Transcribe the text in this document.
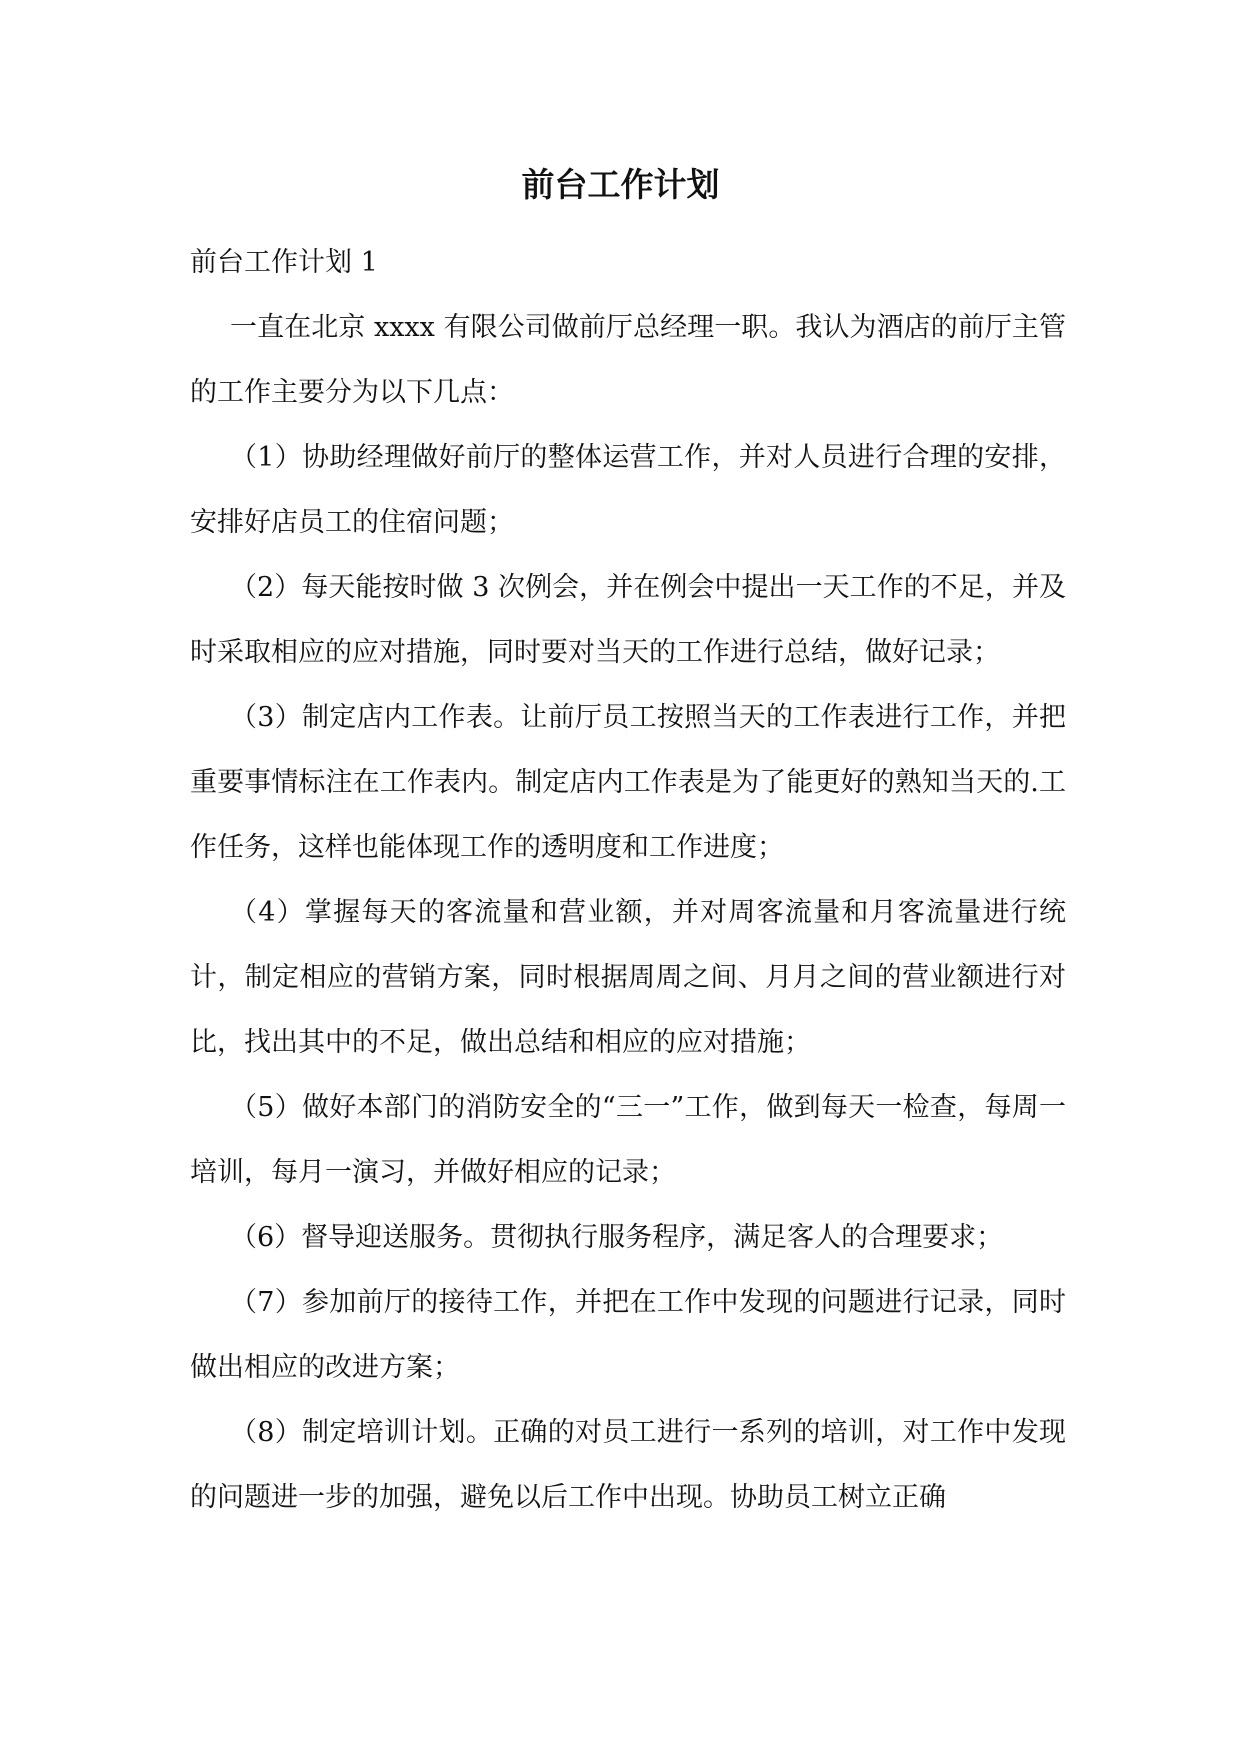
前台工作计划

前台工作计划 1

一直在北京 xxxx 有限公司做前厅总经理一职。我认为酒店的前厅主管的工作主要分为以下几点：

（1）协助经理做好前厅的整体运营工作，并对人员进行合理的安排，安排好店员工的住宿问题；

（2）每天能按时做 3 次例会，并在例会中提出一天工作的不足，并及时采取相应的应对措施，同时要对当天的工作进行总结，做好记录；

（3）制定店内工作表。让前厅员工按照当天的工作表进行工作，并把重要事情标注在工作表内。制定店内工作表是为了能更好的熟知当天的.工作任务，这样也能体现工作的透明度和工作进度；

（4）掌握每天的客流量和营业额，并对周客流量和月客流量进行统计，制定相应的营销方案，同时根据周周之间、月月之间的营业额进行对比，找出其中的不足，做出总结和相应的应对措施；

（5）做好本部门的消防安全的“三一”工作，做到每天一检查，每周一培训，每月一演习，并做好相应的记录；

（6）督导迎送服务。贯彻执行服务程序，满足客人的合理要求；

（7）参加前厅的接待工作，并把在工作中发现的问题进行记录，同时做出相应的改进方案；

（8）制定培训计划。正确的对员工进行一系列的培训，对工作中发现的问题进一步的加强，避免以后工作中出现。协助员工树立正确
